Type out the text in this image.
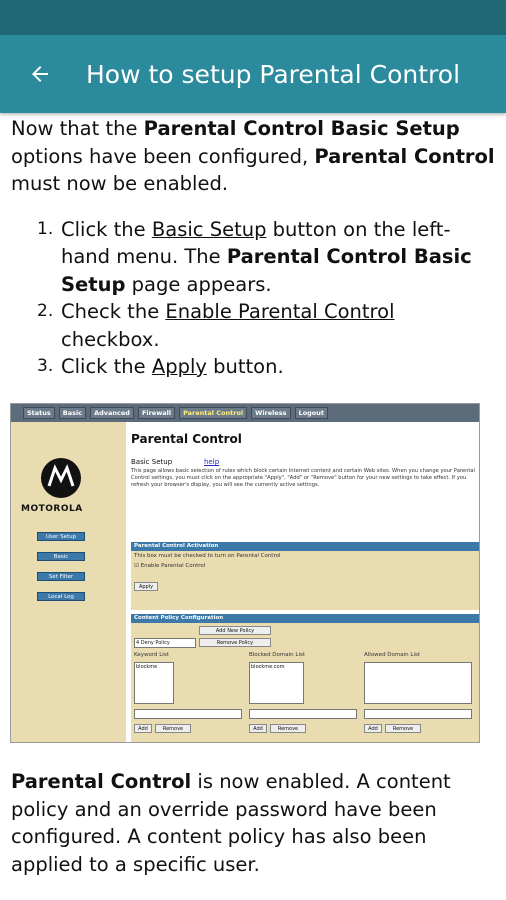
How to setup Parental Control

Now that the Parental Control Basic Setup options have been configured, Parental Control must now be enabled.

1. Click the Basic Setup button on the left-hand menu. The Parental Control Basic Setup page appears.
2. Check the Enable Parental Control checkbox.
3. Click the Apply button.
Status	Basic	Advanced	Firewall	Parental Control	Wireless	Logout
MOTOROLA
User Setup
Basic
Set Filter
Local Log
Parental Control
Basic Setup	help
This page allows basic selection of rules which block certain Internet content and certain Web sites. When you change your Parental Control settings, you must click on the appropriate "Apply", "Add" or "Remove" button for your new settings to take effect. If you refresh your browser's display, you will see the currently active settings.
Parental Control Activation
This box must be checked to turn on Parental Control
☑ Enable Parental Control
Apply
Content Policy Configuration
Add New Policy
4 Deny Policy	Remove Policy
Keyword List	Blocked Domain List	Allowed Domain List
blockme	blockme.com
Add	Remove	Add	Remove	Add	Remove

Parental Control is now enabled. A content policy and an override password have been configured. A content policy has also been applied to a specific user.
